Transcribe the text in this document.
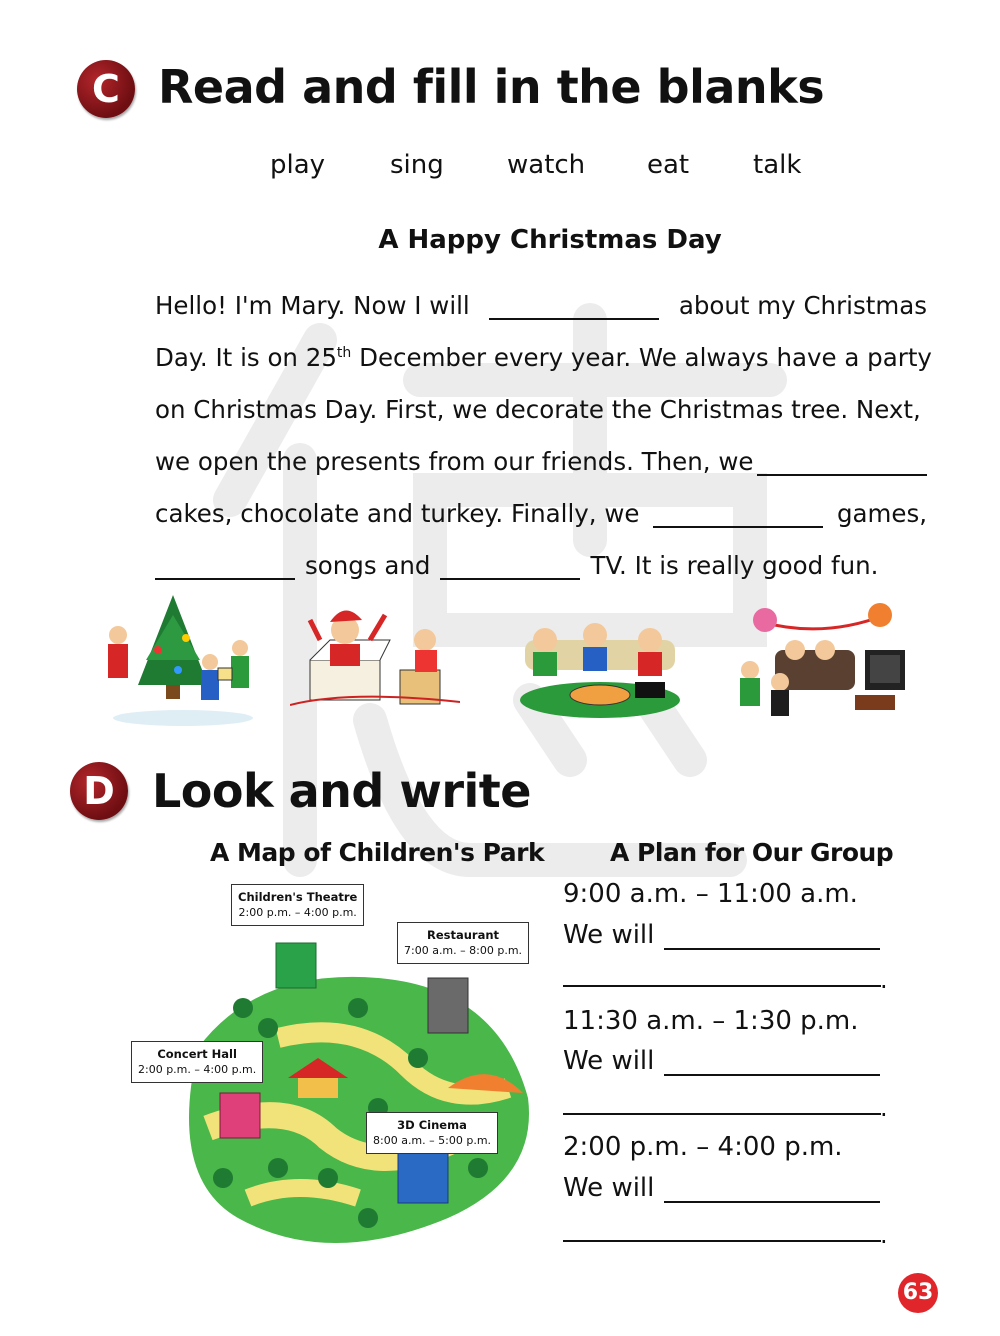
C Read and fill in the blanks
play sing watch eat talk
A Happy Christmas Day
Hello! I'm Mary. Now I will	about my Christmas
Day. It is on 25th December every year. We always have a party
on Christmas Day. First, we decorate the Christmas tree. Next,
we open the presents from our friends. Then, we
cakes, chocolate and turkey. Finally, we	games,
songs and	TV. It is really good fun.
D Look and write
A Map of Children's Park	A Plan for Our Group
Children's Theatre
2:00 p.m. – 4:00 p.m.
Restaurant
7:00 a.m. – 8:00 p.m.
Concert Hall
2:00 p.m. – 4:00 p.m.
3D Cinema
8:00 a.m. – 5:00 p.m.
9:00 a.m. – 11:00 a.m.
We will
.
11:30 a.m. – 1:30 p.m.
We will
.
2:00 p.m. – 4:00 p.m.
We will
.
63
